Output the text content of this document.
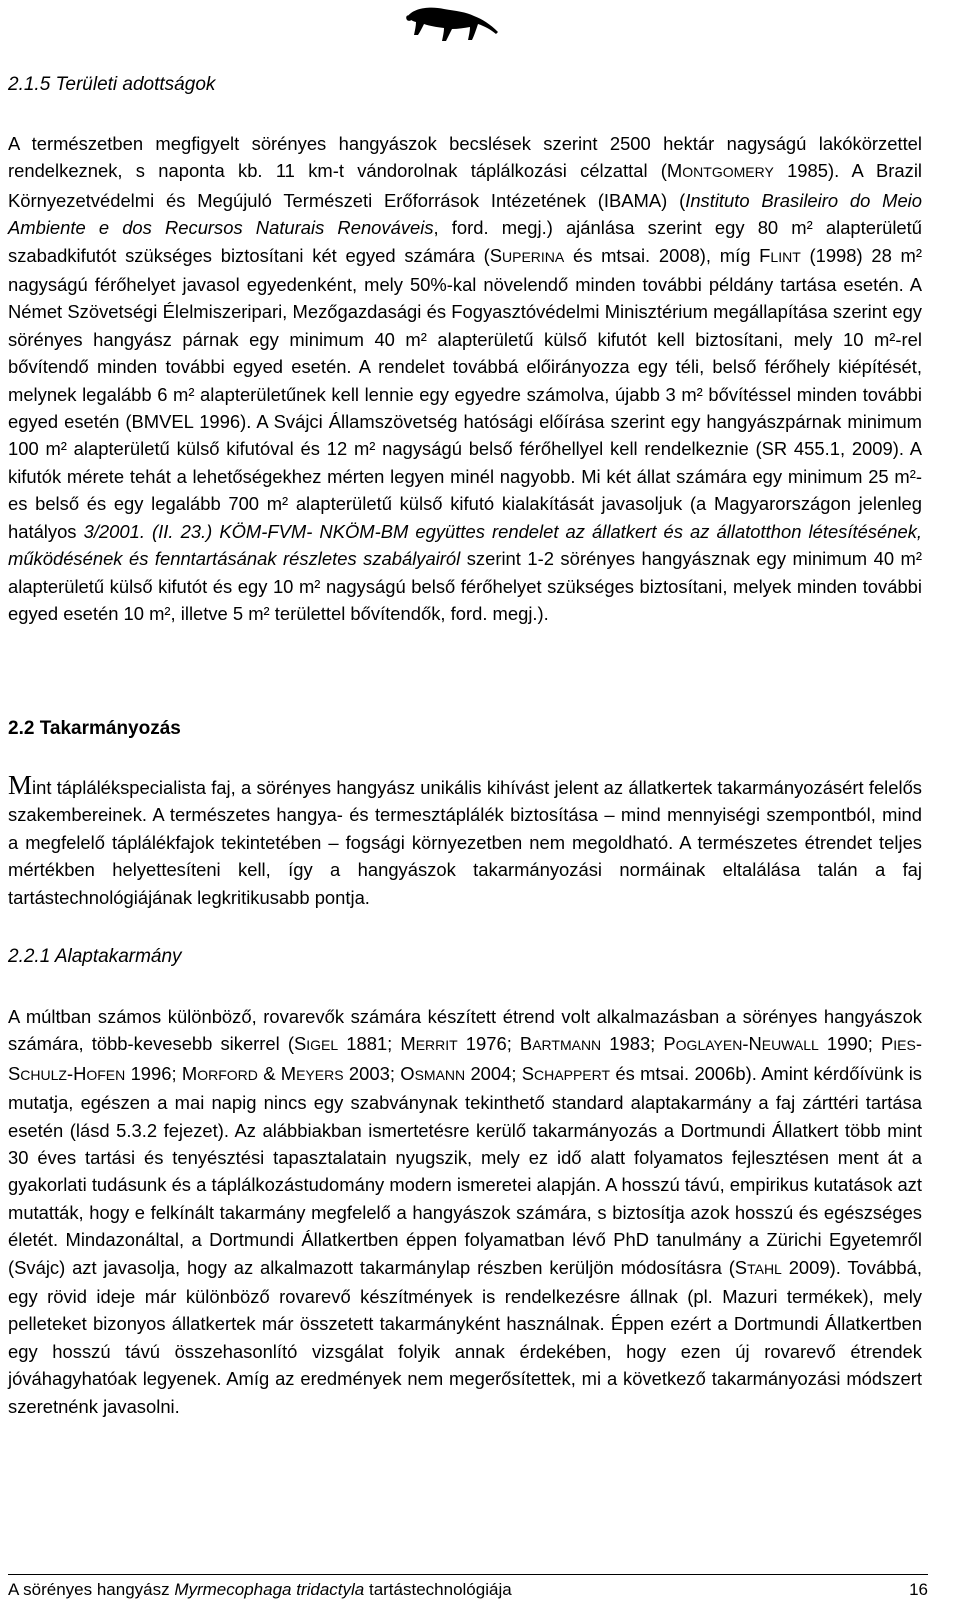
2.1.5 Területi adottságok
A természetben megfigyelt sörényes hangyászok becslések szerint 2500 hektár nagyságú lakókörzettel rendelkeznek, s naponta kb. 11 km-t vándorolnak táplálkozási célzattal (MONTGOMERY 1985). A Brazil Környezetvédelmi és Megújuló Természeti Erőforrások Intézetének (IBAMA) (Instituto Brasileiro do Meio Ambiente e dos Recursos Naturais Renováveis, ford. megj.) ajánlása szerint egy 80 m² alapterületű szabadkifutót szükséges biztosítani két egyed számára (SUPERINA és mtsai. 2008), míg FLINT (1998) 28 m² nagyságú férőhelyet javasol egyedenként, mely 50%-kal növelendő minden további példány tartása esetén. A Német Szövetségi Élelmiszeripari, Mezőgazdasági és Fogyasztóvédelmi Minisztérium megállapítása szerint egy sörényes hangyász párnak egy minimum 40 m² alapterületű külső kifutót kell biztosítani, mely 10 m²-rel bővítendő minden további egyed esetén. A rendelet továbbá előirányozza egy téli, belső férőhely kiépítését, melynek legalább 6 m² alapterületűnek kell lennie egy egyedre számolva, újabb 3 m² bővítéssel minden további egyed esetén (BMVEL 1996). A Svájci Államszövetség hatósági előírása szerint egy hangyászpárnak minimum 100 m² alapterületű külső kifutóval és 12 m² nagyságú belső férőhellyel kell rendelkeznie (SR 455.1, 2009). A kifutók mérete tehát a lehetőségekhez mérten legyen minél nagyobb. Mi két állat számára egy minimum 25 m²-es belső és egy legalább 700 m² alapterületű külső kifutó kialakítását javasoljuk (a Magyarországon jelenleg hatályos 3/2001. (II. 23.) KÖM-FVM- NKÖM-BM együttes rendelet az állatkert és az állatotthon létesítésének, működésének és fenntartásának részletes szabályairól szerint 1-2 sörényes hangyásznak egy minimum 40 m² alapterületű külső kifutót és egy 10 m² nagyságú belső férőhelyet szükséges biztosítani, melyek minden további egyed esetén 10 m², illetve 5 m² területtel bővítendők, ford. megj.).
2.2 Takarmányozás
Mint táplálékspecialista faj, a sörényes hangyász unikális kihívást jelent az állatkertek takarmányozásért felelős szakembereinek. A természetes hangya- és termesztáplálék biztosítása – mind mennyiségi szempontból, mind a megfelelő táplálékfajok tekintetében – fogsági környezetben nem megoldható. A természetes étrendet teljes mértékben helyettesíteni kell, így a hangyászok takarmányozási normáinak eltalálása talán a faj tartástechnológiájának legkritikusabb pontja.
2.2.1 Alaptakarmány
A múltban számos különböző, rovarevők számára készített étrend volt alkalmazásban a sörényes hangyászok számára, több-kevesebb sikerrel (SIGEL 1881; MERRIT 1976; BARTMANN 1983; POGLAYEN-NEUWALL 1990; PIES-SCHULZ-HOFEN 1996; MORFORD & MEYERS 2003; OSMANN 2004; SCHAPPERT és mtsai. 2006b). Amint kérdőívünk is mutatja, egészen a mai napig nincs egy szabványnak tekinthető standard alaptakarmány a faj zárttéri tartása esetén (lásd 5.3.2 fejezet). Az alábbiakban ismertetésre kerülő takarmányozás a Dortmundi Állatkert több mint 30 éves tartási és tenyésztési tapasztalatain nyugszik, mely ez idő alatt folyamatos fejlesztésen ment át a gyakorlati tudásunk és a táplálkozástudomány modern ismeretei alapján. A hosszú távú, empirikus kutatások azt mutatták, hogy e felkínált takarmány megfelelő a hangyászok számára, s biztosítja azok hosszú és egészséges életét. Mindazonáltal, a Dortmundi Állatkertben éppen folyamatban lévő PhD tanulmány a Zürichi Egyetemről (Svájc) azt javasolja, hogy az alkalmazott takarmánylap részben kerüljön módosításra (STAHL 2009). Továbbá, egy rövid ideje már különböző rovarevő készítmények is rendelkezésre állnak (pl. Mazuri termékek), mely pelleteket bizonyos állatkertek már összetett takarmányként használnak. Éppen ezért a Dortmundi Állatkertben egy hosszú távú összehasonlító vizsgálat folyik annak érdekében, hogy ezen új rovarevő étrendek jóváhagyhatóak legyenek. Amíg az eredmények nem megerősítettek, mi a következő takarmányozási módszert szeretnénk javasolni.
A sörényes hangyász Myrmecophaga tridactyla tartástechnológiája	16
